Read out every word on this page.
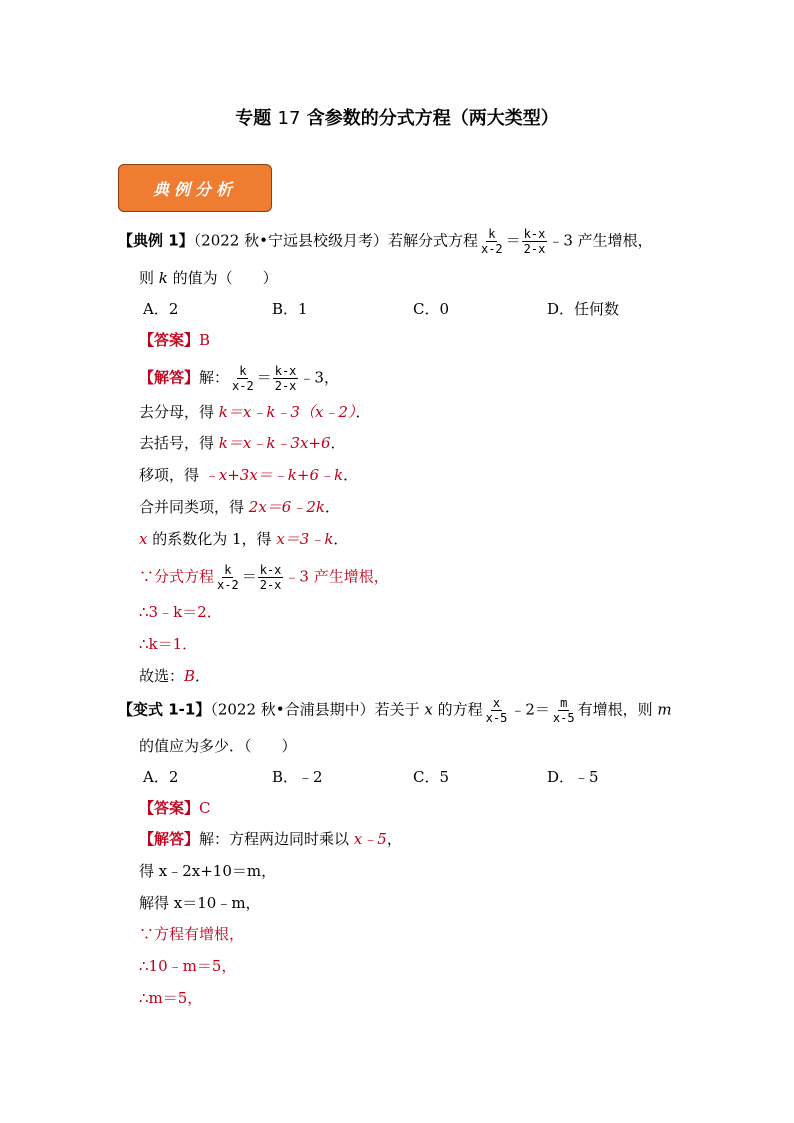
专题 17 含参数的分式方程（两大类型）
典例分析
【典例 1】（2022 秋•宁远县校级月考）若解分式方程 $\frac{k}{x-2} = \frac{k-x}{2-x}$ ﹣3 产生增根，
则 k 的值为（　　）
A．2	B．1	C．0	D．任何数
【答案】B
【解答】解： $\frac{k}{x-2} = \frac{k-x}{2-x}$ ﹣3，
去分母，得 k＝x﹣k﹣3（x﹣2）．
去括号，得 k＝x﹣k﹣3x+6．
移项，得 ﹣x+3x＝﹣k+6﹣k．
合并同类项，得 2x＝6﹣2k．
x 的系数化为 1，得 x＝3﹣k．
∵分式方程 $\frac{k}{x-2} = \frac{k-x}{2-x}$ ﹣3 产生增根，
∴3﹣k＝2．
∴k＝1．
故选：B．
【变式 1-1】（2022 秋•合浦县期中）若关于 x 的方程 $\frac{x}{x-5}$ ﹣2＝ $\frac{m}{x-5}$ 有增根，则 m
的值应为多少．（　　）
A．2	B．﹣2	C．5	D．﹣5
【答案】C
【解答】解：方程两边同时乘以 x﹣5，
得 x﹣2x+10＝m，
解得 x＝10﹣m，
∵方程有增根，
∴10﹣m＝5，
∴m＝5，
